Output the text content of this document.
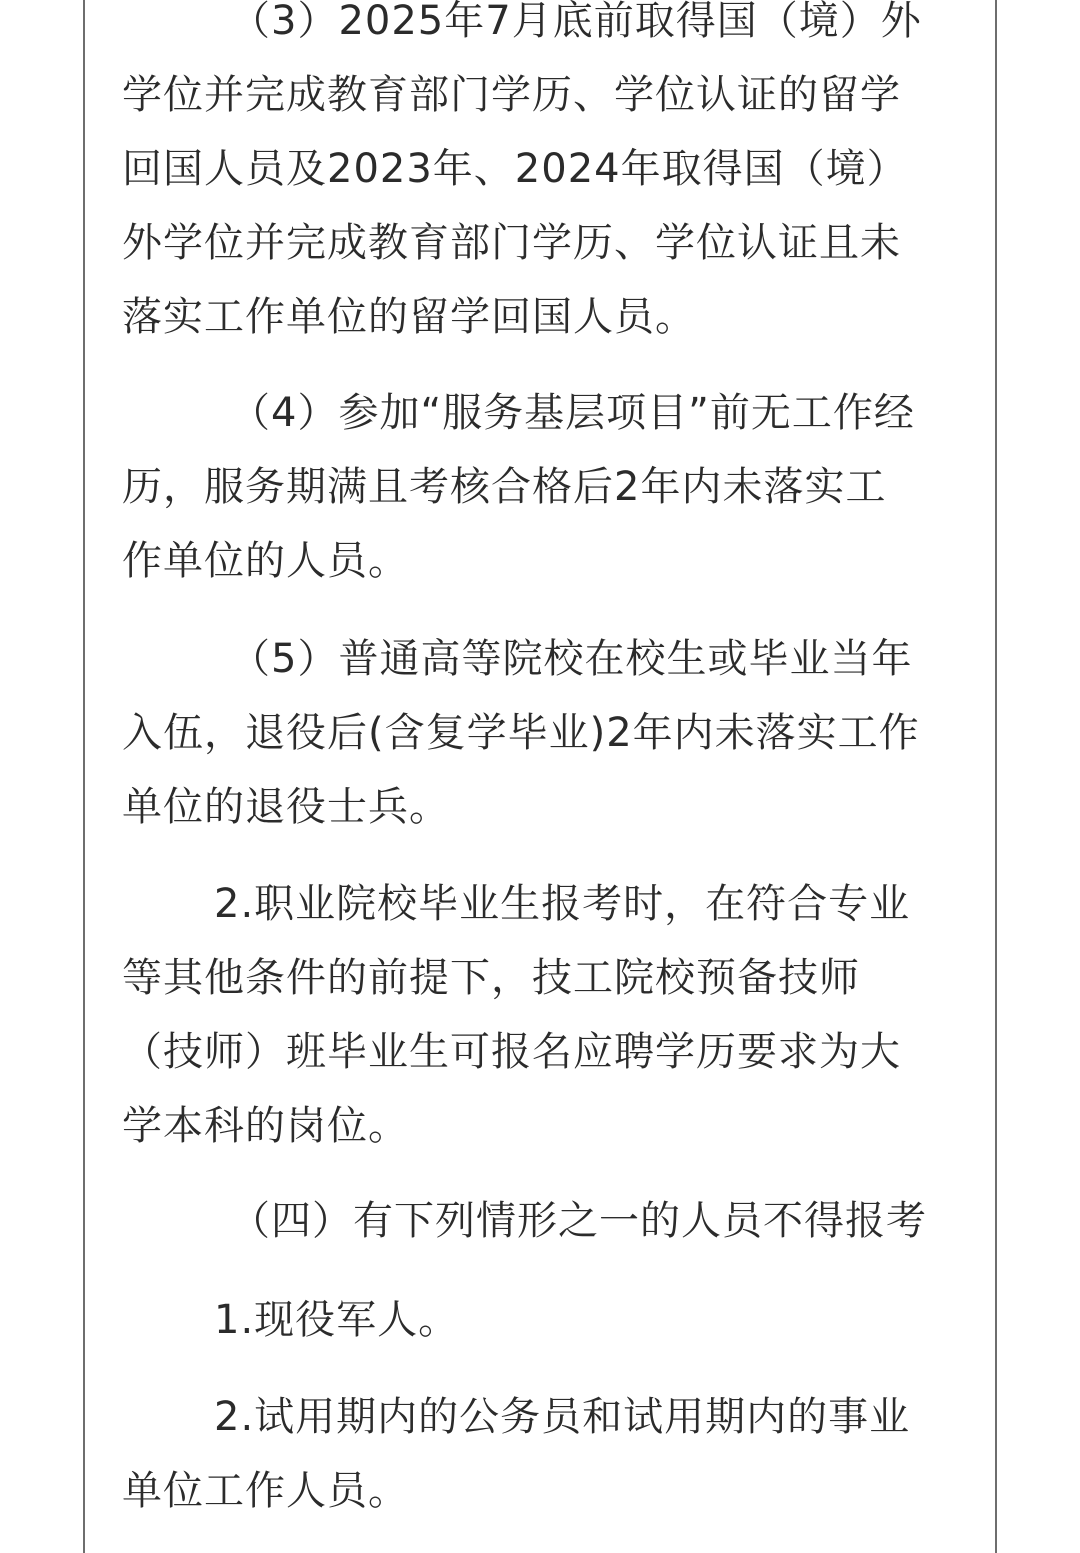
（3）2025年7月底前取得国（境）外
学位并完成教育部门学历、学位认证的留学
回国人员及2023年、2024年取得国（境）
外学位并完成教育部门学历、学位认证且未
落实工作单位的留学回国人员。
（4）参加“服务基层项目”前无工作经
历，服务期满且考核合格后2年内未落实工
作单位的人员。
（5）普通高等院校在校生或毕业当年
入伍，退役后(含复学毕业)2年内未落实工作
单位的退役士兵。
2.职业院校毕业生报考时，在符合专业
等其他条件的前提下，技工院校预备技师
（技师）班毕业生可报名应聘学历要求为大
学本科的岗位。
（四）有下列情形之一的人员不得报考
1.现役军人。
2.试用期内的公务员和试用期内的事业
单位工作人员。
